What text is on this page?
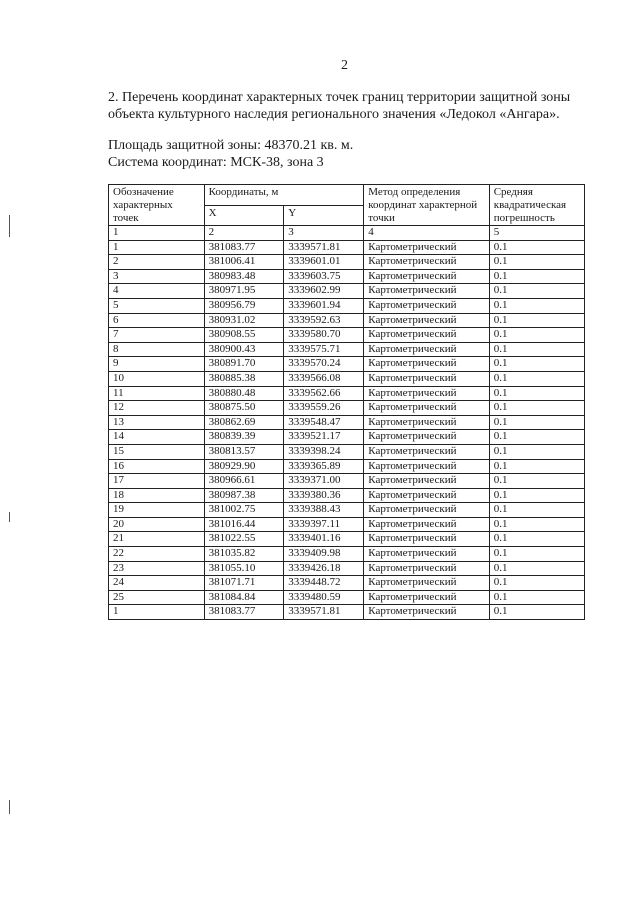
2
2. Перечень координат характерных точек границ территории защитной зоны
объекта культурного наследия регионального значения «Ледокол «Ангара».
Площадь защитной зоны: 48370.21 кв. м.
Система координат: МСК-38, зона 3
Обозначение характерных точек	Координаты, м		Метод определения координат характерной точки	Средняя квадратическая погрешность
	X	Y		
1	2	3	4	5
1	381083.77	3339571.81	Картометрический	0.1
2	381006.41	3339601.01	Картометрический	0.1
3	380983.48	3339603.75	Картометрический	0.1
4	380971.95	3339602.99	Картометрический	0.1
5	380956.79	3339601.94	Картометрический	0.1
6	380931.02	3339592.63	Картометрический	0.1
7	380908.55	3339580.70	Картометрический	0.1
8	380900.43	3339575.71	Картометрический	0.1
9	380891.70	3339570.24	Картометрический	0.1
10	380885.38	3339566.08	Картометрический	0.1
11	380880.48	3339562.66	Картометрический	0.1
12	380875.50	3339559.26	Картометрический	0.1
13	380862.69	3339548.47	Картометрический	0.1
14	380839.39	3339521.17	Картометрический	0.1
15	380813.57	3339398.24	Картометрический	0.1
16	380929.90	3339365.89	Картометрический	0.1
17	380966.61	3339371.00	Картометрический	0.1
18	380987.38	3339380.36	Картометрический	0.1
19	381002.75	3339388.43	Картометрический	0.1
20	381016.44	3339397.11	Картометрический	0.1
21	381022.55	3339401.16	Картометрический	0.1
22	381035.82	3339409.98	Картометрический	0.1
23	381055.10	3339426.18	Картометрический	0.1
24	381071.71	3339448.72	Картометрический	0.1
25	381084.84	3339480.59	Картометрический	0.1
1	381083.77	3339571.81	Картометрический	0.1
